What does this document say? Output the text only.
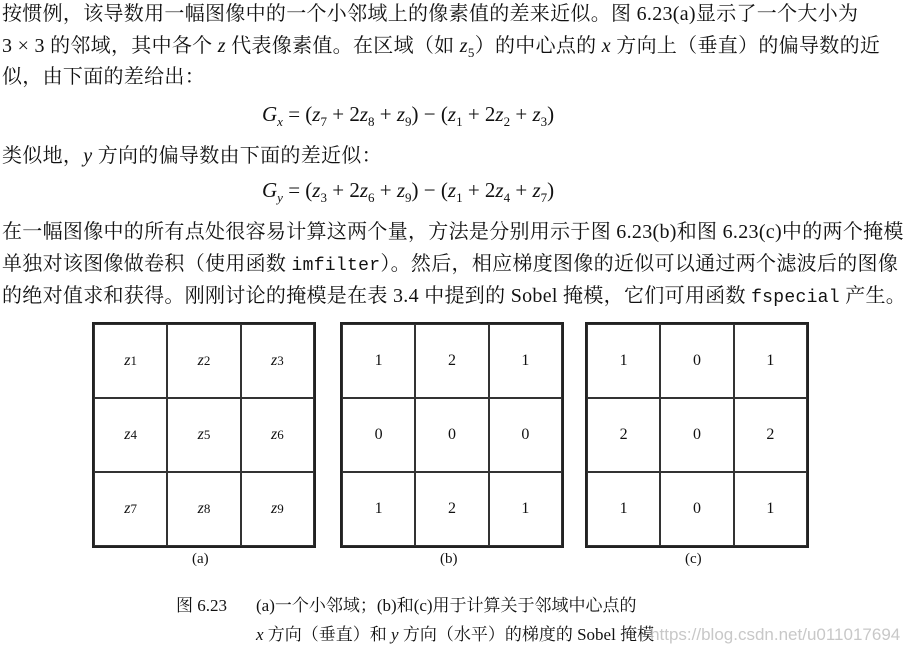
按惯例，该导数用一幅图像中的一个小邻域上的像素值的差来近似。图 6.23(a)显示了一个大小为
3 × 3 的邻域，其中各个 z 代表像素值。在区域（如 $z_5$）的中心点的 x 方向上（垂直）的偏导数的近
似，由下面的差给出：
$G_x = (z_7 + 2z_8 + z_9) - (z_1 + 2z_2 + z_3)$
类似地，y 方向的偏导数由下面的差近似：
$G_y = (z_3 + 2z_6 + z_9) - (z_1 + 2z_4 + z_7)$
在一幅图像中的所有点处很容易计算这两个量，方法是分别用示于图 6.23(b)和图 6.23(c)中的两个掩模
单独对该图像做卷积（使用函数 imfilter）。然后，相应梯度图像的近似可以通过两个滤波后的图像
的绝对值求和获得。刚刚讨论的掩模是在表 3.4 中提到的 Sobel 掩模，它们可用函数 fspecial 产生。
z 1	z 2	z 3
z 4	z 5	z 6
z 7	z 8	z 9
(a)
1	2	1
0	0	0
1	2	1
(b)
1	0	1
2	0	2
1	0	1
(c)
图 6.23 (a)一个小邻域；(b)和(c)用于计算关于邻域中心点的
x 方向（垂直）和 y 方向（水平）的梯度的 Sobel 掩模https://blog.csdn.net/u011017694
